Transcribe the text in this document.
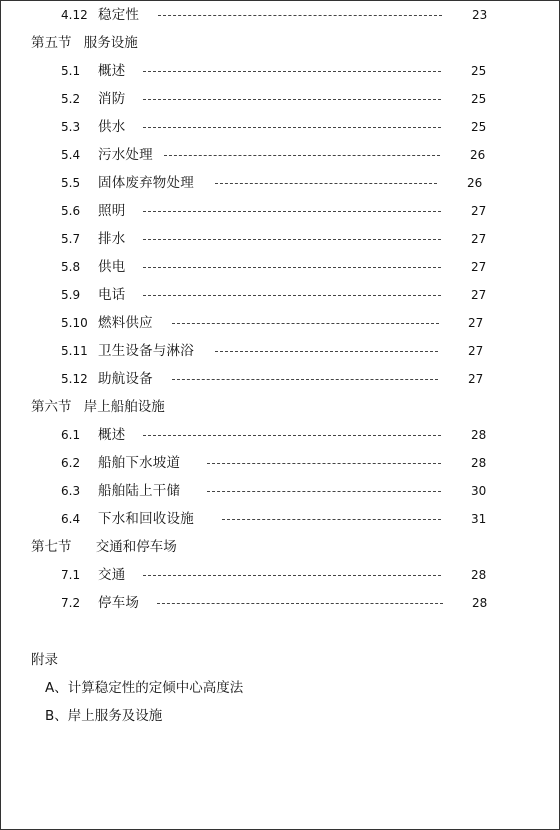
4.12 稳定性	23
第五节 服务设施
5.1 概述	25
5.2 消防	25
5.3 供水	25
5.4 污水处理	26
5.5 固体废弃物处理	26
5.6 照明	27
5.7 排水	27
5.8 供电	27
5.9 电话	27
5.10 燃料供应	27
5.11 卫生设备与淋浴	27
5.12 助航设备	27
第六节 岸上船舶设施
6.1 概述	28
6.2 船舶下水坡道	28
6.3 船舶陆上干储	30
6.4 下水和回收设施	31
第七节 交通和停车场
7.1 交通	28
7.2 停车场	28
附录
A、计算稳定性的定倾中心高度法
B、岸上服务及设施
